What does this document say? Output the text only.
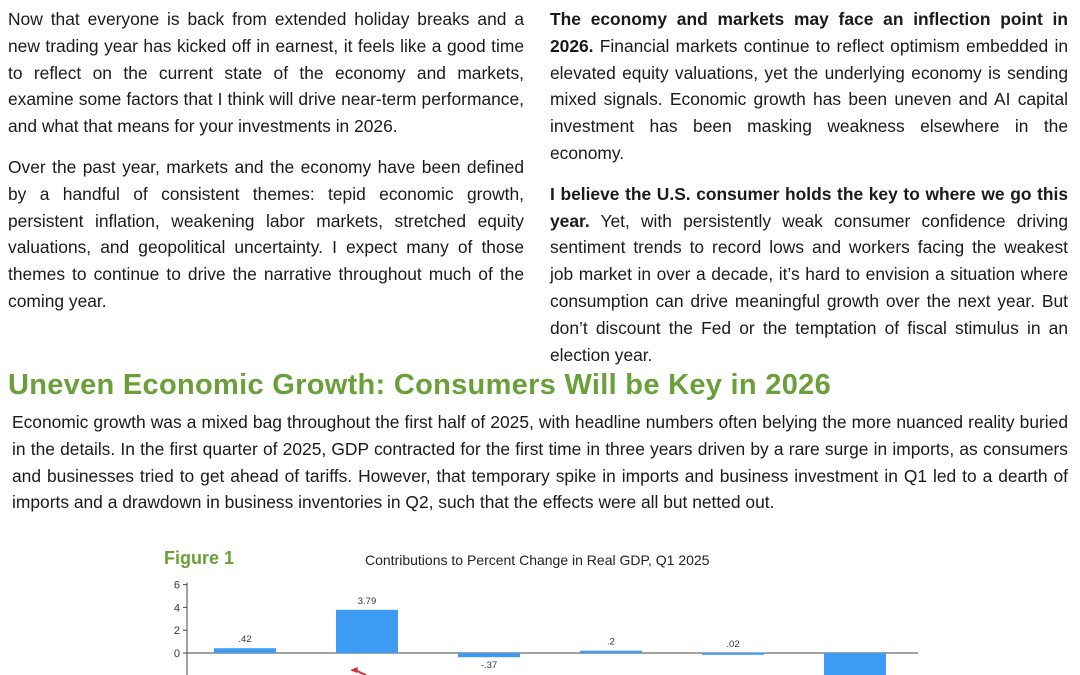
Now that everyone is back from extended holiday breaks and a new trading year has kicked off in earnest, it feels like a good time to reflect on the current state of the economy and markets, examine some factors that I think will drive near-term performance, and what that means for your investments in 2026.

Over the past year, markets and the economy have been defined by a handful of consistent themes: tepid economic growth, persistent inflation, weakening labor markets, stretched equity valuations, and geopolitical uncertainty. I expect many of those themes to continue to drive the narrative throughout much of the coming year.

The economy and markets may face an inflection point in 2026. Financial markets continue to reflect optimism embedded in elevated equity valuations, yet the underlying economy is sending mixed signals. Economic growth has been uneven and AI capital investment has been masking weakness elsewhere in the economy.

I believe the U.S. consumer holds the key to where we go this year. Yet, with persistently weak consumer confidence driving sentiment trends to record lows and workers facing the weakest job market in over a decade, it’s hard to envision a situation where consumption can drive meaningful growth over the next year. But don’t discount the Fed or the temptation of fiscal stimulus in an election year.

Uneven Economic Growth: Consumers Will be Key in 2026

Economic growth was a mixed bag throughout the first half of 2025, with headline numbers often belying the more nuanced reality buried in the details. In the first quarter of 2025, GDP contracted for the first time in three years driven by a rare surge in imports, as consumers and businesses tried to get ahead of tariffs. However, that temporary spike in imports and business investment in Q1 led to a dearth of imports and a drawdown in business inventories in Q2, such that the effects were all but netted out.

Figure 1	Contributions to Percent Change in Real GDP, Q1 2025
6
4
2
0
.42
3.79
-.37
.2	.02
